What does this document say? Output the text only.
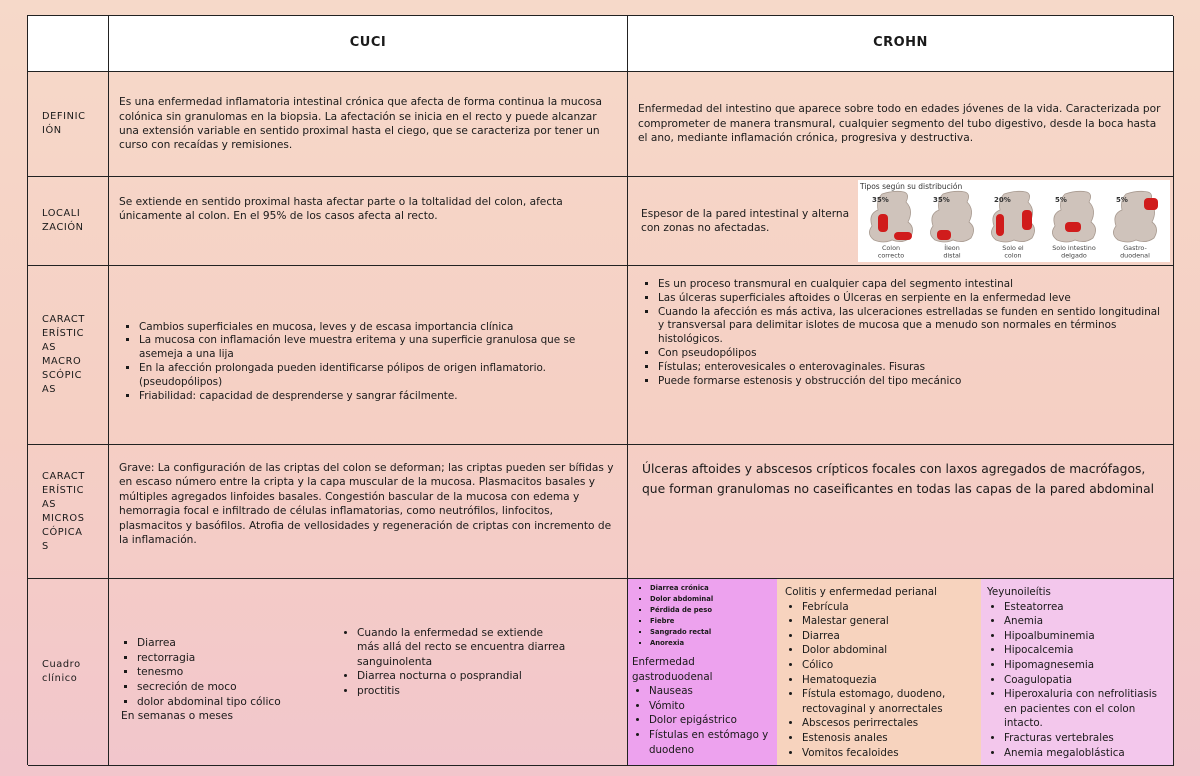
CUCI	CROHN
DEFINIC
IÓN
Es una enfermedad inflamatoria intestinal crónica que afecta de forma continua la mucosa colónica sin granulomas en la biopsia. La afectación se inicia en el recto y puede alcanzar una extensión variable en sentido proximal hasta el ciego, que se caracteriza por tener un curso con recaídas y remisiones.
Enfermedad del intestino que aparece sobre todo en edades jóvenes de la vida. Caracterizada por comprometer de manera transmural, cualquier segmento del tubo digestivo, desde la boca hasta el ano, mediante inflamación crónica, progresiva y destructiva.
LOCALI
ZACIÓN
Se extiende en sentido proximal hasta afectar parte o la toltalidad del colon, afecta únicamente al colon. En el 95% de los casos afecta al recto.	Espesor de la pared intestinal y alterna con zonas no afectadas.
Tipos según su distribución
35%
Colon
correcto
35%
Íleon
distal
20%
Solo el
colon
5%
Solo intestino
delgado
5%
Gastro-
duodenal
CARACT
ERÍSTIC
AS
MACRO
SCÓPIC
AS
▪ Cambios superficiales en mucosa, leves y de escasa importancia clínica
▪ La mucosa con inflamación leve muestra eritema y una superficie granulosa que se asemeja a una lija
▪ En la afección prolongada pueden identificarse pólipos de origen inflamatorio. (pseudopólipos)
▪ Friabilidad: capacidad de desprenderse y sangrar fácilmente.
▪ Es un proceso transmural en cualquier capa del segmento intestinal
▪ Las úlceras superficiales aftoides o Úlceras en serpiente en la enfermedad leve
▪ Cuando la afección es más activa, las ulceraciones estrelladas se funden en sentido longitudinal y transversal para delimitar islotes de mucosa que a menudo son normales en términos histológicos.
▪ Con pseudopólipos
▪ Fístulas; enterovesicales o enterovaginales. Fisuras
▪ Puede formarse estenosis y obstrucción del tipo mecánico
CARACT
ERÍSTIC
AS
MICROS
CÓPICA
S
Grave: La configuración de las criptas del colon se deforman; las criptas pueden ser bífidas y en escaso número entre la cripta y la capa muscular de la mucosa. Plasmacitos basales y múltiples agregados linfoides basales. Congestión bascular de la mucosa con edema y hemorragia focal e infiltrado de células inflamatorias, como neutrófilos, linfocitos, plasmacitos y basófilos. Atrofia de vellosidades y regeneración de criptas con incremento de la inflamación.
Úlceras aftoides y abscesos crípticos focales con laxos agregados de macrófagos, que forman granulomas no caseificantes en todas las capas de la pared abdominal
Cuadro
clínico
▪ Diarrea
▪ rectorragia
▪ tenesmo
▪ secreción de moco
▪ dolor abdominal tipo cólico
En semanas o meses
• Cuando la enfermedad se extiende más allá del recto se encuentra diarrea sanguinolenta
• Diarrea nocturna o posprandial
• proctitis
▪ Diarrea crónica
▪ Dolor abdominal
▪ Pérdida de peso
▪ Fiebre
▪ Sangrado rectal
▪ Anorexia
Enfermedad gastroduodenal
• Nauseas
• Vómito
• Dolor epigástrico
• Fístulas en estómago y duodeno
Colitis y enfermedad perianal
• Febrícula
• Malestar general
• Diarrea
• Dolor abdominal
• Cólico
• Hematoquezia
• Fístula estomago, duodeno, rectovaginal y anorrectales
• Abscesos perirrectales
• Estenosis anales
• Vomitos fecaloides
Yeyunoileítis
• Esteatorrea
• Anemia
• Hipoalbuminemia
• Hipocalcemia
• Hipomagnesemia
• Coagulopatia
• Hiperoxaluria con nefrolitiasis en pacientes con el colon intacto.
• Fracturas vertebrales
• Anemia megaloblástica
